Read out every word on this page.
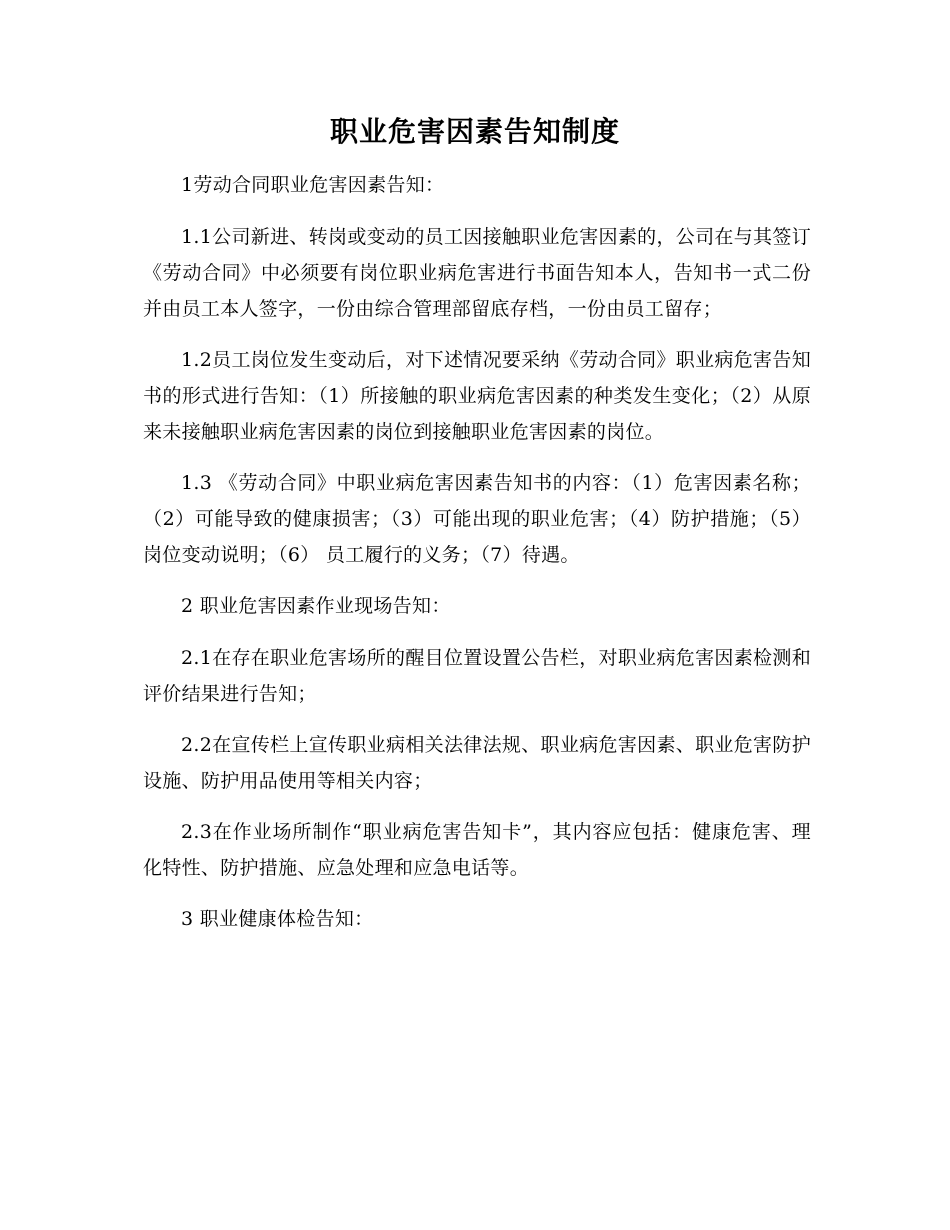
职业危害因素告知制度

1劳动合同职业危害因素告知：

1.1公司新进、转岗或变动的员工因接触职业危害因素的，公司在与其签订《劳动合同》中必须要有岗位职业病危害进行书面告知本人，告知书一式二份并由员工本人签字，一份由综合管理部留底存档，一份由员工留存；

1.2员工岗位发生变动后，对下述情况要采纳《劳动合同》职业病危害告知书的形式进行告知：（1）所接触的职业病危害因素的种类发生变化；（2）从原来未接触职业病危害因素的岗位到接触职业危害因素的岗位。

1.3 《劳动合同》中职业病危害因素告知书的内容：（1）危害因素名称；（2）可能导致的健康损害；（3）可能出现的职业危害；（4）防护措施；（5）岗位变动说明；（6） 员工履行的义务；（7）待遇。

2 职业危害因素作业现场告知：

2.1在存在职业危害场所的醒目位置设置公告栏，对职业病危害因素检测和评价结果进行告知；

2.2在宣传栏上宣传职业病相关法律法规、职业病危害因素、职业危害防护设施、防护用品使用等相关内容；

2.3在作业场所制作“职业病危害告知卡”，其内容应包括：健康危害、理化特性、防护措施、应急处理和应急电话等。

3 职业健康体检告知：
